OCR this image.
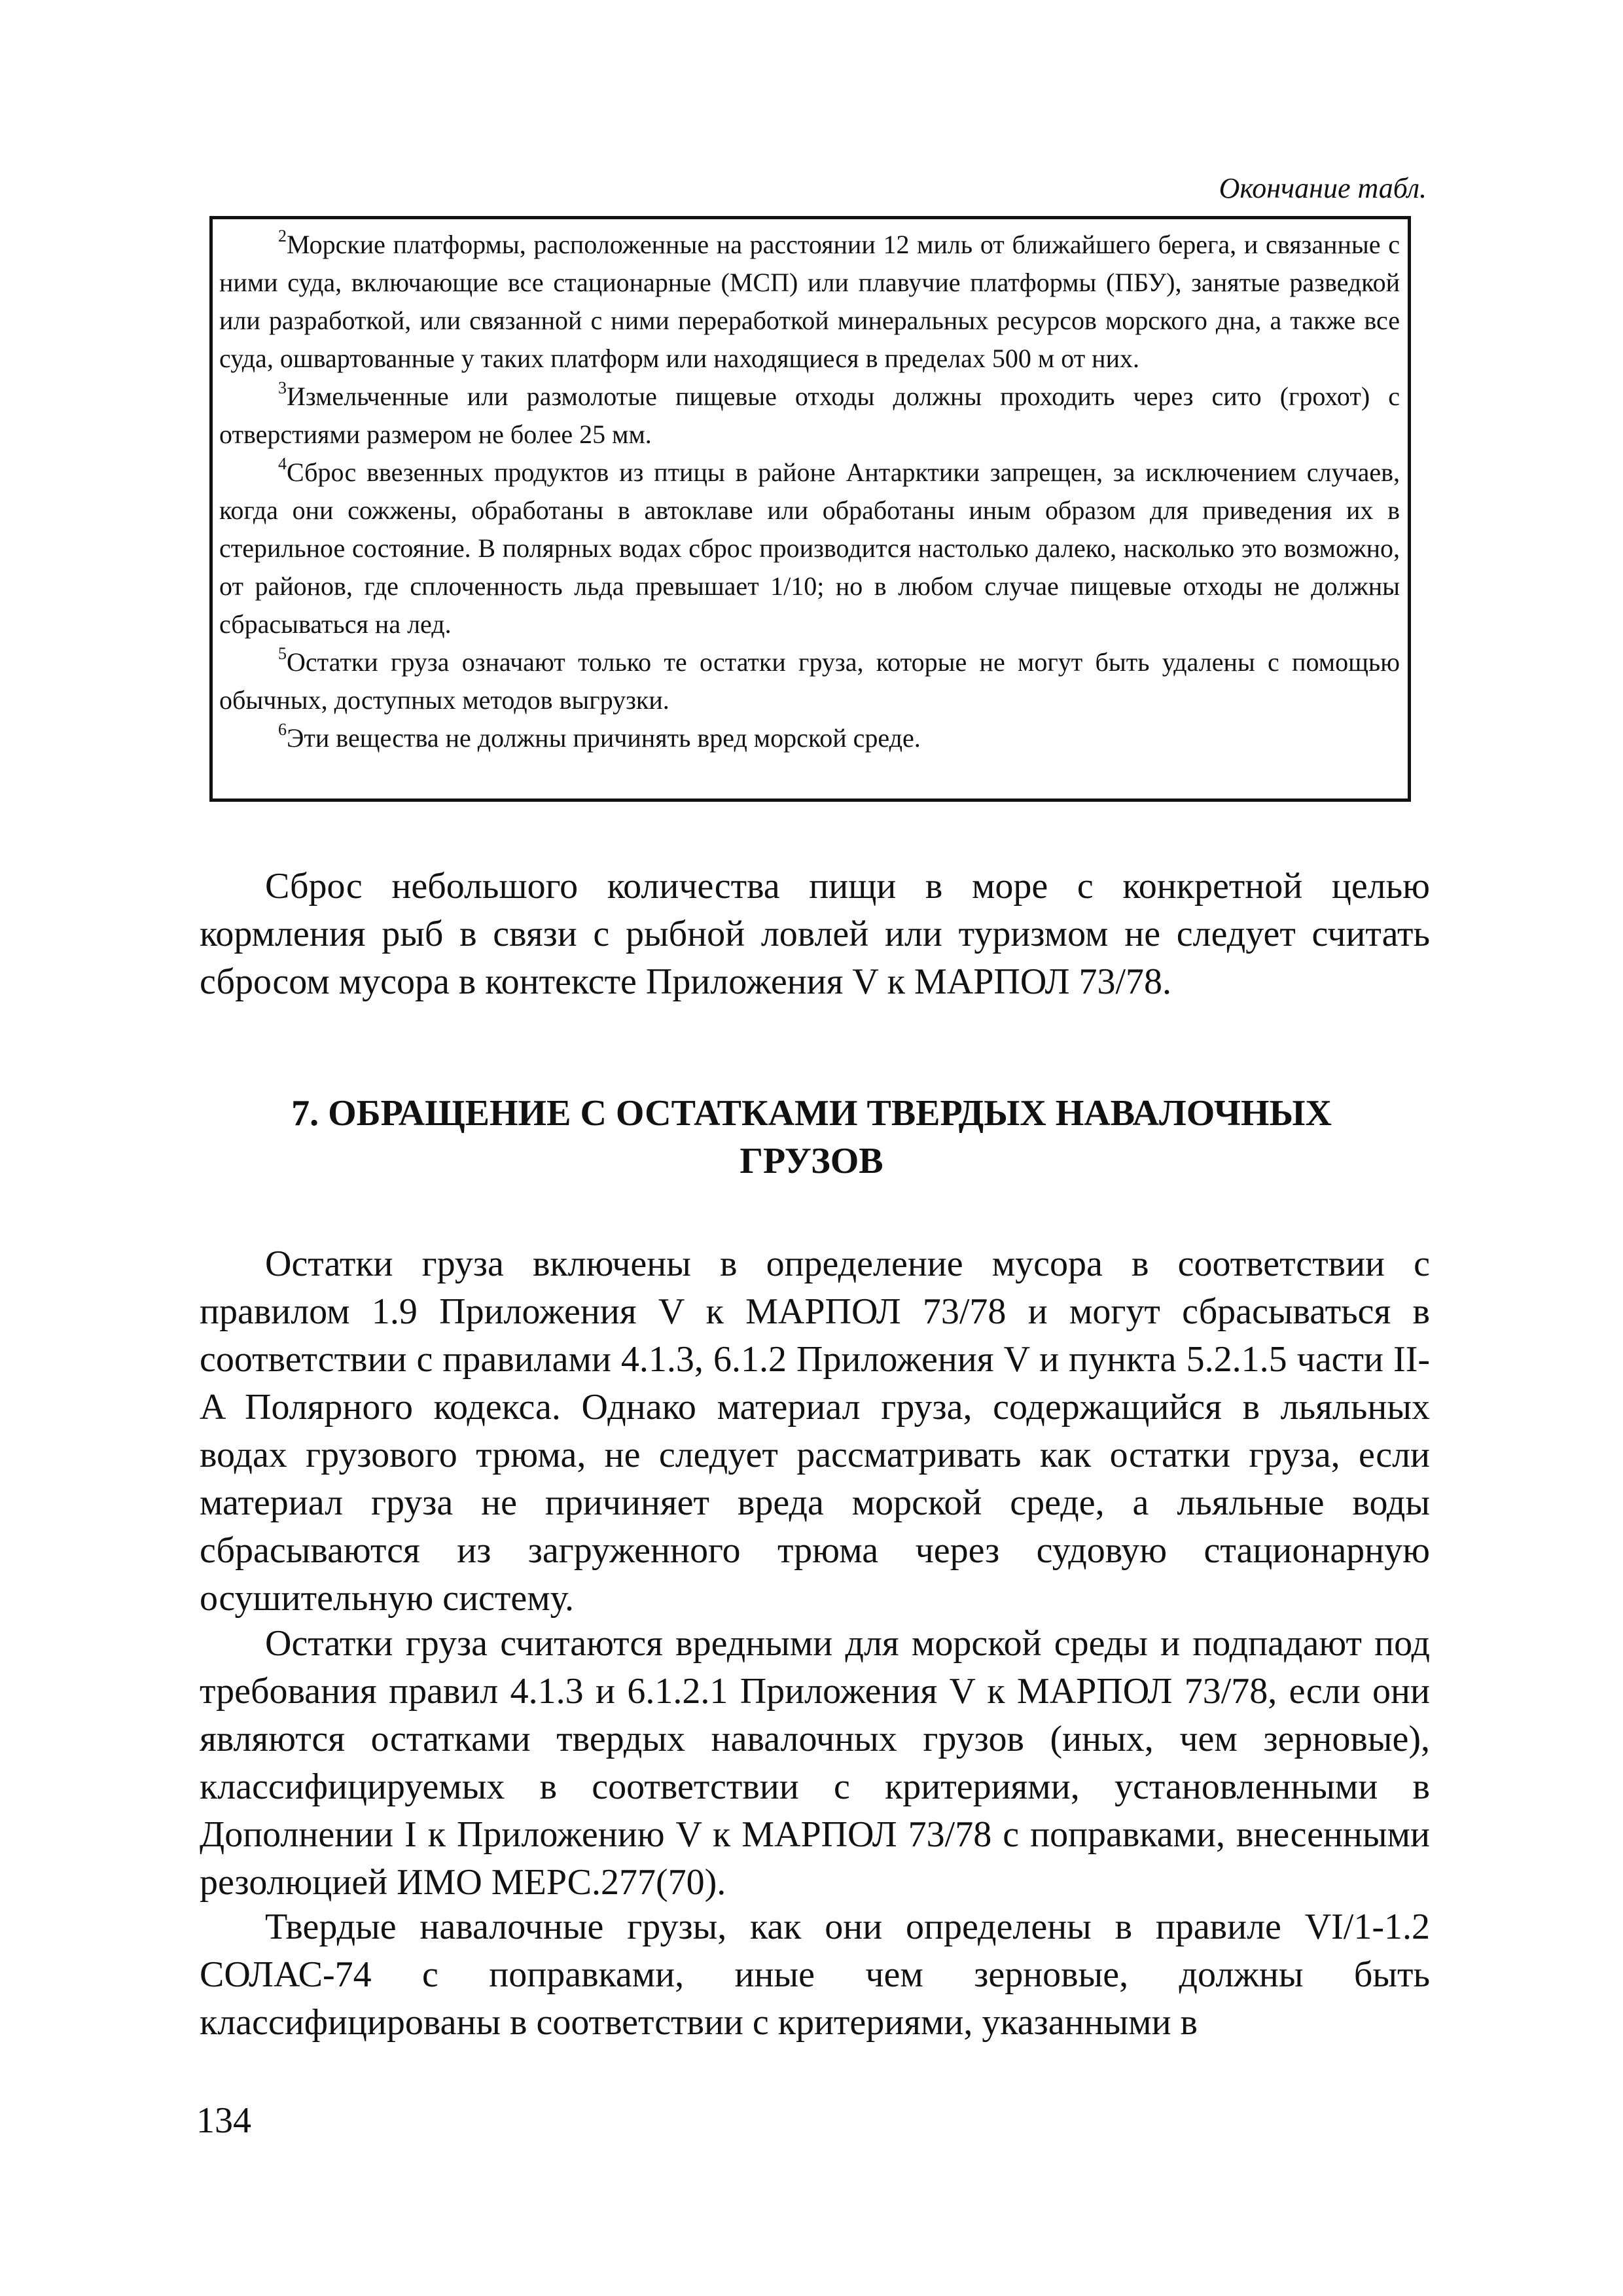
Окончание табл.

$^2$Морские платформы, расположенные на расстоянии 12 миль от ближайшего берега, и связанные с ними суда, включающие все стационарные (МСП) или плавучие платформы (ПБУ), занятые разведкой или разработкой, или связанной с ними переработкой минеральных ресурсов морского дна, а также все суда, ошвартованные у таких платформ или находящиеся в пределах 500 м от них.

$^3$Измельченные или размолотые пищевые отходы должны проходить через сито (грохот) с отверстиями размером не более 25 мм.

$^4$Сброс ввезенных продуктов из птицы в районе Антарктики запрещен, за исключением случаев, когда они сожжены, обработаны в автоклаве или обработаны иным образом для приведения их в стерильное состояние. В полярных водах сброс производится настолько далеко, насколько это возможно, от районов, где сплоченность льда превышает 1/10; но в любом случае пищевые отходы не должны сбрасываться на лед.

$^5$Остатки груза означают только те остатки груза, которые не могут быть удалены с помощью обычных, доступных методов выгрузки.

$^6$Эти вещества не должны причинять вред морской среде.

Сброс небольшого количества пищи в море с конкретной целью кормления рыб в связи с рыбной ловлей или туризмом не следует считать сбросом мусора в контексте Приложения V к МАРПОЛ 73/78.

7. ОБРАЩЕНИЕ С ОСТАТКАМИ ТВЕРДЫХ НАВАЛОЧНЫХ
ГРУЗОВ

Остатки груза включены в определение мусора в соответствии с правилом 1.9 Приложения V к МАРПОЛ 73/78 и могут сбрасываться в соответствии с правилами 4.1.3, 6.1.2 Приложения V и пункта 5.2.1.5 части II-A Полярного кодекса. Однако материал груза, содержащийся в льяльных водах грузового трюма, не следует рассматривать как остатки груза, если материал груза не причиняет вреда морской среде, а льяльные воды сбрасываются из загруженного трюма через судовую стационарную осушительную систему.

Остатки груза считаются вредными для морской среды и подпадают под требования правил 4.1.3 и 6.1.2.1 Приложения V к МАРПОЛ 73/78, если они являются остатками твердых навалочных грузов (иных, чем зерновые), классифицируемых в соответствии с критериями, установленными в Дополнении I к Приложению V к МАРПОЛ 73/78 с поправками, внесенными резолюцией ИМО МЕРС.277(70).

Твердые навалочные грузы, как они определены в правиле VI/1-1.2 СОЛАС-74 с поправками, иные чем зерновые, должны быть классифицированы в соответствии с критериями, указанными в

134
